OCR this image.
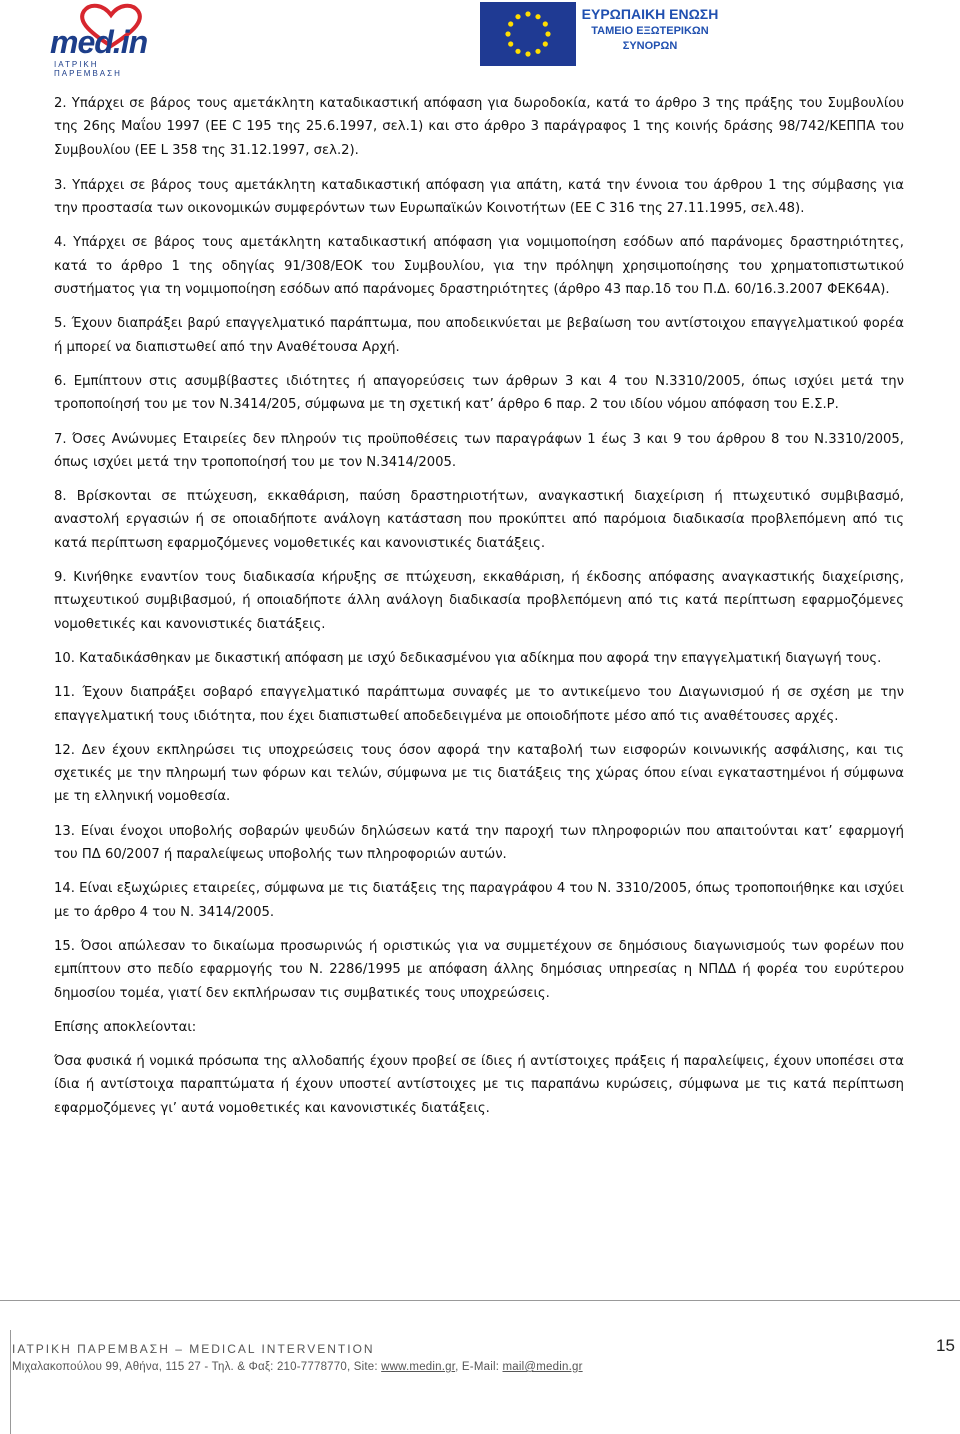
med.in
ΙΑΤΡΙΚΗ ΠΑΡΕΜΒΑΣΗ
ΕΥΡΩΠΑΙΚΗ ΕΝΩΣΗ
ΤΑΜΕΙΟ ΕΞΩΤΕΡΙΚΩΝ
ΣΥΝΟΡΩΝ

2. Υπάρχει σε βάρος τους αμετάκλητη καταδικαστική απόφαση για δωροδοκία, κατά το άρθρο 3 της πράξης του Συμβουλίου της 26ης Μαΐου 1997 (ΕΕ C 195 της 25.6.1997, σελ.1) και στο άρθρο 3 παράγραφος 1 της κοινής δράσης 98/742/ΚΕΠΠΑ του Συμβουλίου (ΕΕ L 358 της 31.12.1997, σελ.2).

3. Υπάρχει σε βάρος τους αμετάκλητη καταδικαστική απόφαση για απάτη, κατά την έννοια του άρθρου 1 της σύμβασης για την προστασία των οικονομικών συμφερόντων των Ευρωπαϊκών Κοινοτήτων (ΕΕ C 316 της 27.11.1995, σελ.48).

4. Υπάρχει σε βάρος τους αμετάκλητη καταδικαστική απόφαση για νομιμοποίηση εσόδων από παράνομες δραστηριότητες, κατά το άρθρο 1 της οδηγίας 91/308/ΕΟΚ του Συμβουλίου, για την πρόληψη χρησιμοποίησης του χρηματοπιστωτικού συστήματος για τη νομιμοποίηση εσόδων από παράνομες δραστηριότητες (άρθρο 43 παρ.1δ του Π.Δ. 60/16.3.2007 ΦΕΚ64Α).

5. Έχουν διαπράξει βαρύ επαγγελματικό παράπτωμα, που αποδεικνύεται με βεβαίωση του αντίστοιχου επαγγελματικού φορέα ή μπορεί να διαπιστωθεί από την Αναθέτουσα Αρχή.

6. Εμπίπτουν στις ασυμβίβαστες ιδιότητες ή απαγορεύσεις των άρθρων 3 και 4 του Ν.3310/2005, όπως ισχύει μετά την τροποποίησή του με τον Ν.3414/205, σύμφωνα με τη σχετική κατ’ άρθρο 6 παρ. 2 του ιδίου νόμου απόφαση του Ε.Σ.Ρ.

7. Όσες Ανώνυμες Εταιρείες δεν πληρούν τις προϋποθέσεις των παραγράφων 1 έως 3 και 9 του άρθρου 8 του Ν.3310/2005, όπως ισχύει μετά την τροποποίησή του με τον Ν.3414/2005.

8. Βρίσκονται σε πτώχευση, εκκαθάριση, παύση δραστηριοτήτων, αναγκαστική διαχείριση ή πτωχευτικό συμβιβασμό, αναστολή εργασιών ή σε οποιαδήποτε ανάλογη κατάσταση που προκύπτει από παρόμοια διαδικασία προβλεπόμενη από τις κατά περίπτωση εφαρμοζόμενες νομοθετικές και κανονιστικές διατάξεις.

9. Κινήθηκε εναντίον τους διαδικασία κήρυξης σε πτώχευση, εκκαθάριση, ή έκδοσης απόφασης αναγκαστικής διαχείρισης, πτωχευτικού συμβιβασμού, ή οποιαδήποτε άλλη ανάλογη διαδικασία προβλεπόμενη από τις κατά περίπτωση εφαρμοζόμενες νομοθετικές και κανονιστικές διατάξεις.

10. Καταδικάσθηκαν με δικαστική απόφαση με ισχύ δεδικασμένου για αδίκημα που αφορά την επαγγελματική διαγωγή τους.

11. Έχουν διαπράξει σοβαρό επαγγελματικό παράπτωμα συναφές με το αντικείμενο του Διαγωνισμού ή σε σχέση με την επαγγελματική τους ιδιότητα, που έχει διαπιστωθεί αποδεδειγμένα με οποιοδήποτε μέσο από τις αναθέτουσες αρχές.

12. Δεν έχουν εκπληρώσει τις υποχρεώσεις τους όσον αφορά την καταβολή των εισφορών κοινωνικής ασφάλισης, και τις σχετικές με την πληρωμή των φόρων και τελών, σύμφωνα με τις διατάξεις της χώρας όπου είναι εγκαταστημένοι ή σύμφωνα με τη ελληνική νομοθεσία.

13. Είναι ένοχοι υποβολής σοβαρών ψευδών δηλώσεων κατά την παροχή των πληροφοριών που απαιτούνται κατ’ εφαρμογή του ΠΔ 60/2007 ή παραλείψεως υποβολής των πληροφοριών αυτών.

14. Είναι εξωχώριες εταιρείες, σύμφωνα με τις διατάξεις της παραγράφου 4 του Ν. 3310/2005, όπως τροποποιήθηκε και ισχύει με το άρθρο 4 του Ν. 3414/2005.

15. Όσοι απώλεσαν το δικαίωμα προσωρινώς ή οριστικώς για να συμμετέχουν σε δημόσιους διαγωνισμούς των φορέων που εμπίπτουν στο πεδίο εφαρμογής του Ν. 2286/1995 με απόφαση άλλης δημόσιας υπηρεσίας η ΝΠΔΔ ή φορέα του ευρύτερου δημοσίου τομέα, γιατί δεν εκπλήρωσαν τις συμβατικές τους υποχρεώσεις.

Επίσης αποκλείονται:

Όσα φυσικά ή νομικά πρόσωπα της αλλοδαπής έχουν προβεί σε ίδιες ή αντίστοιχες πράξεις ή παραλείψεις, έχουν υποπέσει στα ίδια ή αντίστοιχα παραπτώματα ή έχουν υποστεί αντίστοιχες με τις παραπάνω κυρώσεις, σύμφωνα με τις κατά περίπτωση εφαρμοζόμενες γι’ αυτά νομοθετικές και κανονιστικές διατάξεις.

ΙΑΤΡΙΚΗ ΠΑΡΕΜΒΑΣΗ – MEDICAL INTERVENTION
Μιχαλακοπούλου 99, Αθήνα, 115 27 - Τηλ. & Φαξ: 210-7778770, Site: www.medin.gr, E-Mail: mail@medin.gr
15
